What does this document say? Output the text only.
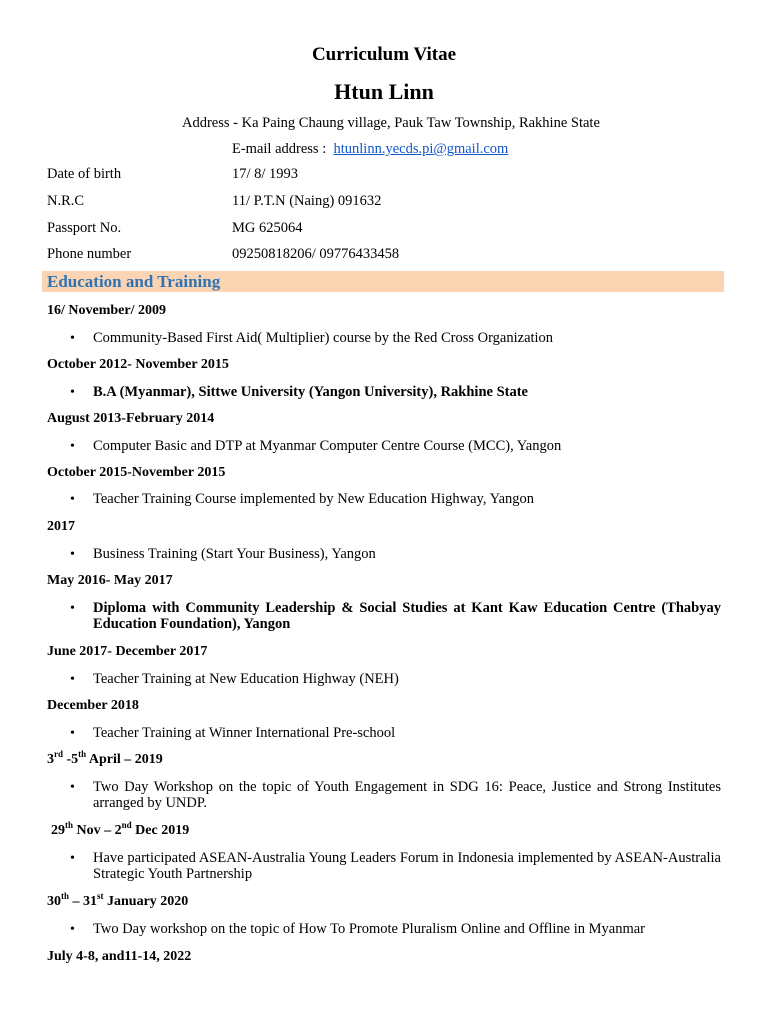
Curriculum Vitae
Htun Linn
Address - Ka Paing Chaung village, Pauk Taw Township, Rakhine State
E-mail address : htunlinn.yecds.pi@gmail.com
Date of birth	17/ 8/ 1993
N.R.C	11/ P.T.N (Naing) 091632
Passport No.	MG 625064
Phone number	09250818206/ 09776433458
Education and Training
16/ November/ 2009
• Community-Based First Aid( Multiplier) course by the Red Cross Organization
October 2012- November 2015
• B.A (Myanmar), Sittwe University (Yangon University), Rakhine State
August 2013-February 2014
• Computer Basic and DTP at Myanmar Computer Centre Course (MCC), Yangon
October 2015-November 2015
• Teacher Training Course implemented by New Education Highway, Yangon
2017
• Business Training (Start Your Business), Yangon
May 2016- May 2017
• Diploma with Community Leadership & Social Studies at Kant Kaw Education Centre (Thabyay Education Foundation), Yangon
June 2017- December 2017
• Teacher Training at New Education Highway (NEH)
December 2018
• Teacher Training at Winner International Pre-school
3rd -5th April – 2019
• Two Day Workshop on the topic of Youth Engagement in SDG 16: Peace, Justice and Strong Institutes arranged by UNDP.
29th Nov – 2nd Dec 2019
• Have participated ASEAN-Australia Young Leaders Forum in Indonesia implemented by ASEAN-Australia Strategic Youth Partnership
30th – 31st January 2020
• Two Day workshop on the topic of How To Promote Pluralism Online and Offline in Myanmar
July 4-8, and11-14, 2022
